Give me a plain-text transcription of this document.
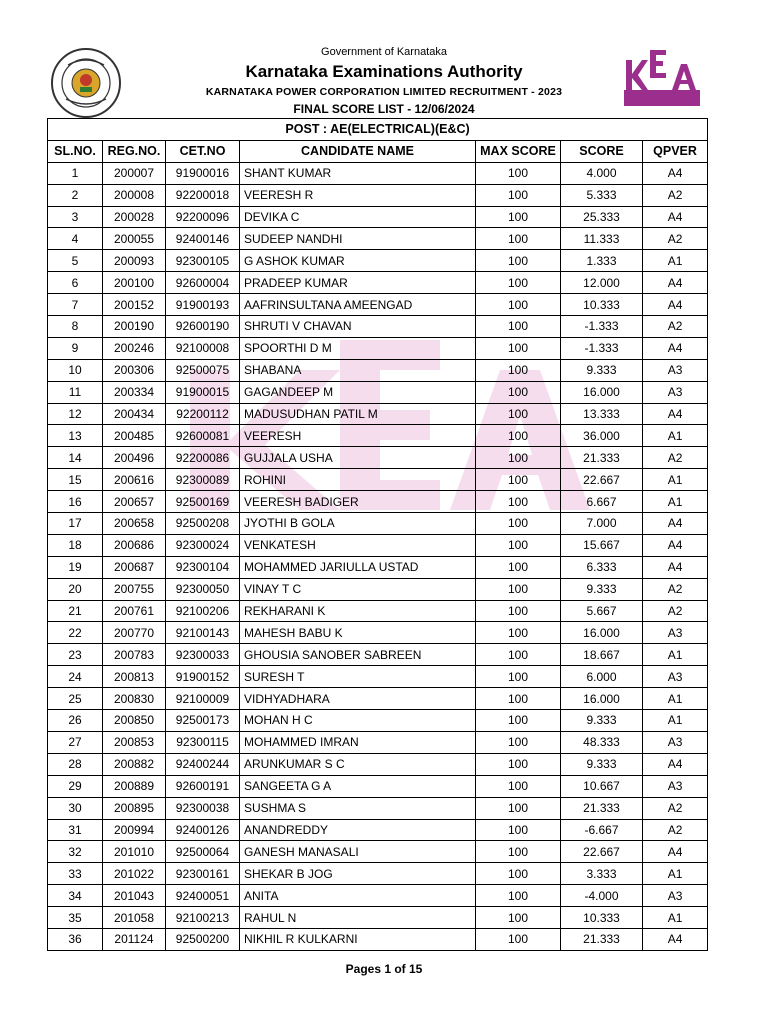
Government of Karnataka
Karnataka Examinations Authority
KARNATAKA POWER CORPORATION LIMITED RECRUITMENT - 2023
FINAL SCORE LIST - 12/06/2024
POST : AE(ELECTRICAL)(E&C)						
SL.NO.	REG.NO.	CET.NO	CANDIDATE NAME	MAX SCORE	SCORE	QPVER
1	200007	91900016	SHANT KUMAR	100	4.000	A4
2	200008	92200018	VEERESH R	100	5.333	A2
3	200028	92200096	DEVIKA C	100	25.333	A4
4	200055	92400146	SUDEEP NANDHI	100	11.333	A2
5	200093	92300105	G ASHOK KUMAR	100	1.333	A1
6	200100	92600004	PRADEEP KUMAR	100	12.000	A4
7	200152	91900193	AAFRINSULTANA AMEENGAD	100	10.333	A4
8	200190	92600190	SHRUTI V CHAVAN	100	-1.333	A2
9	200246	92100008	SPOORTHI D M	100	-1.333	A4
10	200306	92500075	SHABANA	100	9.333	A3
11	200334	91900015	GAGANDEEP M	100	16.000	A3
12	200434	92200112	MADUSUDHAN PATIL M	100	13.333	A4
13	200485	92600081	VEERESH	100	36.000	A1
14	200496	92200086	GUJJALA USHA	100	21.333	A2
15	200616	92300089	ROHINI	100	22.667	A1
16	200657	92500169	VEERESH BADIGER	100	6.667	A1
17	200658	92500208	JYOTHI B GOLA	100	7.000	A4
18	200686	92300024	VENKATESH	100	15.667	A4
19	200687	92300104	MOHAMMED JARIULLA USTAD	100	6.333	A4
20	200755	92300050	VINAY T C	100	9.333	A2
21	200761	92100206	REKHARANI K	100	5.667	A2
22	200770	92100143	MAHESH BABU K	100	16.000	A3
23	200783	92300033	GHOUSIA SANOBER SABREEN	100	18.667	A1
24	200813	91900152	SURESH T	100	6.000	A3
25	200830	92100009	VIDHYADHARA	100	16.000	A1
26	200850	92500173	MOHAN H C	100	9.333	A1
27	200853	92300115	MOHAMMED IMRAN	100	48.333	A3
28	200882	92400244	ARUNKUMAR S C	100	9.333	A4
29	200889	92600191	SANGEETA G A	100	10.667	A3
30	200895	92300038	SUSHMA S	100	21.333	A2
31	200994	92400126	ANANDREDDY	100	-6.667	A2
32	201010	92500064	GANESH MANASALI	100	22.667	A4
33	201022	92300161	SHEKAR B JOG	100	3.333	A1
34	201043	92400051	ANITA	100	-4.000	A3
35	201058	92100213	RAHUL N	100	10.333	A1
36	201124	92500200	NIKHIL R KULKARNI	100	21.333	A4
Pages 1 of 15
